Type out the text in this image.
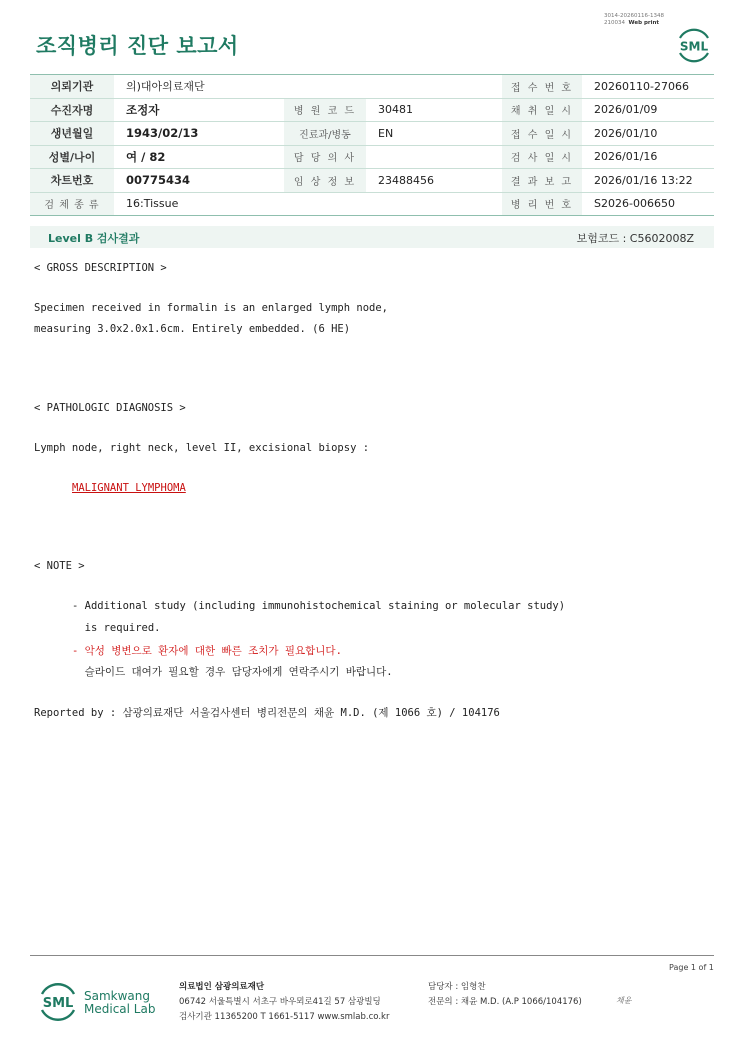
3014-20260116-1348
210034 Web print
조직병리 진단 보고서	SML
의뢰기관	의)대아의료재단			접 수 번 호	20260110-27066
수진자명	조정자	병 원 코 드	30481	채 취 일 시	2026/01/09
생년월일	1943/02/13	진료과/병동	EN	접 수 일 시	2026/01/10
성별/나이	여 / 82	담 당 의 사		검 사 일 시	2026/01/16
차트번호	00775434	임 상 정 보	23488456	결 과 보 고	2026/01/16 13:22
검 체 종 류	16:Tissue			병 리 번 호	S2026-006650
Level B 검사결과	보험코드 : C5602008Z
< GROSS DESCRIPTION >
Specimen received in formalin is an enlarged lymph node,
measuring 3.0x2.0x1.6cm. Entirely embedded. (6 HE)
< PATHOLOGIC DIAGNOSIS >
Lymph node, right neck, level II, excisional biopsy :
MALIGNANT LYMPHOMA
< NOTE >
- Additional study (including immunohistochemical staining or molecular study)
is required.
- 악성 병변으로 환자에 대한 빠른 조치가 필요합니다.
슬라이드 대여가 필요할 경우 담당자에게 연락주시기 바랍니다.
Reported by : 삼광의료재단 서울검사센터 병리전문의 채윤 M.D. (제 1066 호) / 104176
Page 1 of 1
SML Samkwang
Medical Lab
의료법인 삼광의료재단
06742 서울특별시 서초구 바우뫼로41길 57 삼광빌딩
검사기관 11365200 T 1661-5117 www.smlab.co.kr
담당자 : 임형찬
전문의 : 채윤 M.D. (A.P 1066/104176)	채윤
